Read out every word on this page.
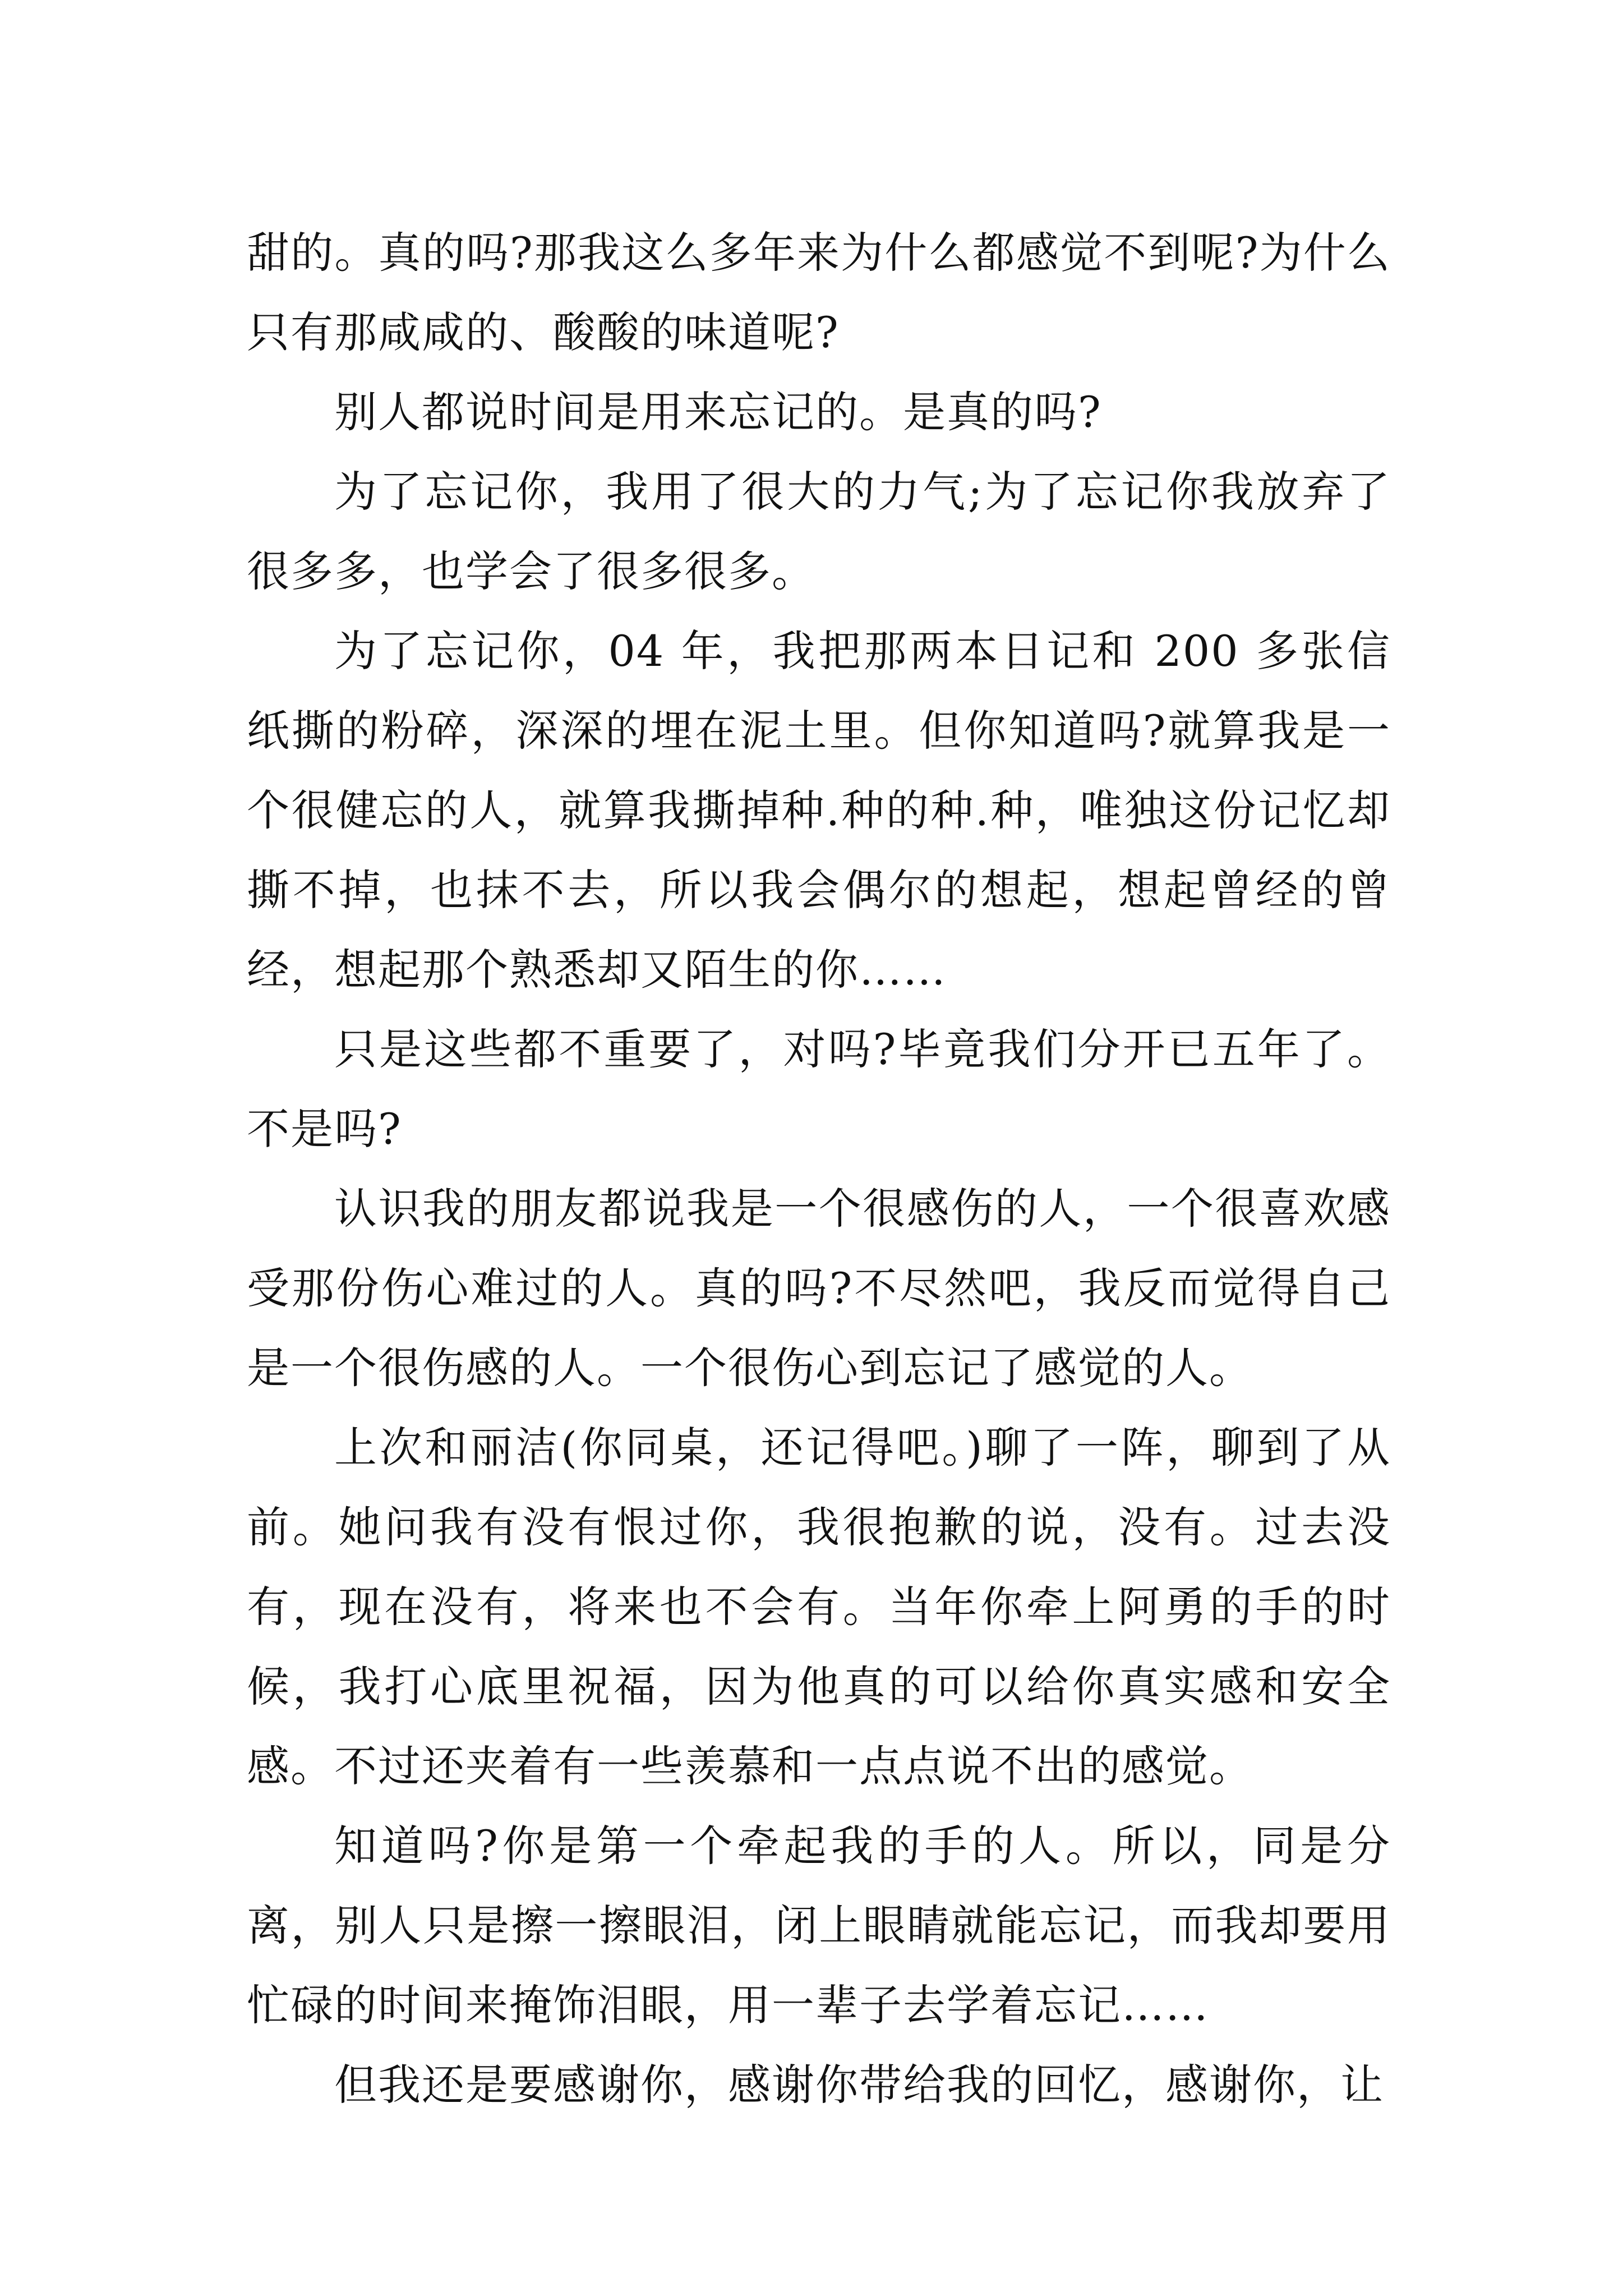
甜的。真的吗?那我这么多年来为什么都感觉不到呢?为什么只有那咸咸的、酸酸的味道呢?

别人都说时间是用来忘记的。是真的吗?

为了忘记你，我用了很大的力气;为了忘记你我放弃了很多多，也学会了很多很多。

为了忘记你，04 年，我把那两本日记和 200 多张信纸撕的粉碎，深深的埋在泥土里。但你知道吗?就算我是一个很健忘的人，就算我撕掉种.种的种.种，唯独这份记忆却撕不掉，也抹不去，所以我会偶尔的想起，想起曾经的曾经，想起那个熟悉却又陌生的你……

只是这些都不重要了，对吗?毕竟我们分开已五年了。不是吗?

认识我的朋友都说我是一个很感伤的人，一个很喜欢感受那份伤心难过的人。真的吗?不尽然吧，我反而觉得自己是一个很伤感的人。一个很伤心到忘记了感觉的人。

上次和丽洁(你同桌，还记得吧。)聊了一阵，聊到了从前。她问我有没有恨过你，我很抱歉的说，没有。过去没有，现在没有，将来也不会有。当年你牵上阿勇的手的时候，我打心底里祝福，因为他真的可以给你真实感和安全感。不过还夹着有一些羡慕和一点点说不出的感觉。

知道吗?你是第一个牵起我的手的人。所以，同是分离，别人只是擦一擦眼泪，闭上眼睛就能忘记，而我却要用忙碌的时间来掩饰泪眼，用一辈子去学着忘记……

但我还是要感谢你，感谢你带给我的回忆，感谢你，让
